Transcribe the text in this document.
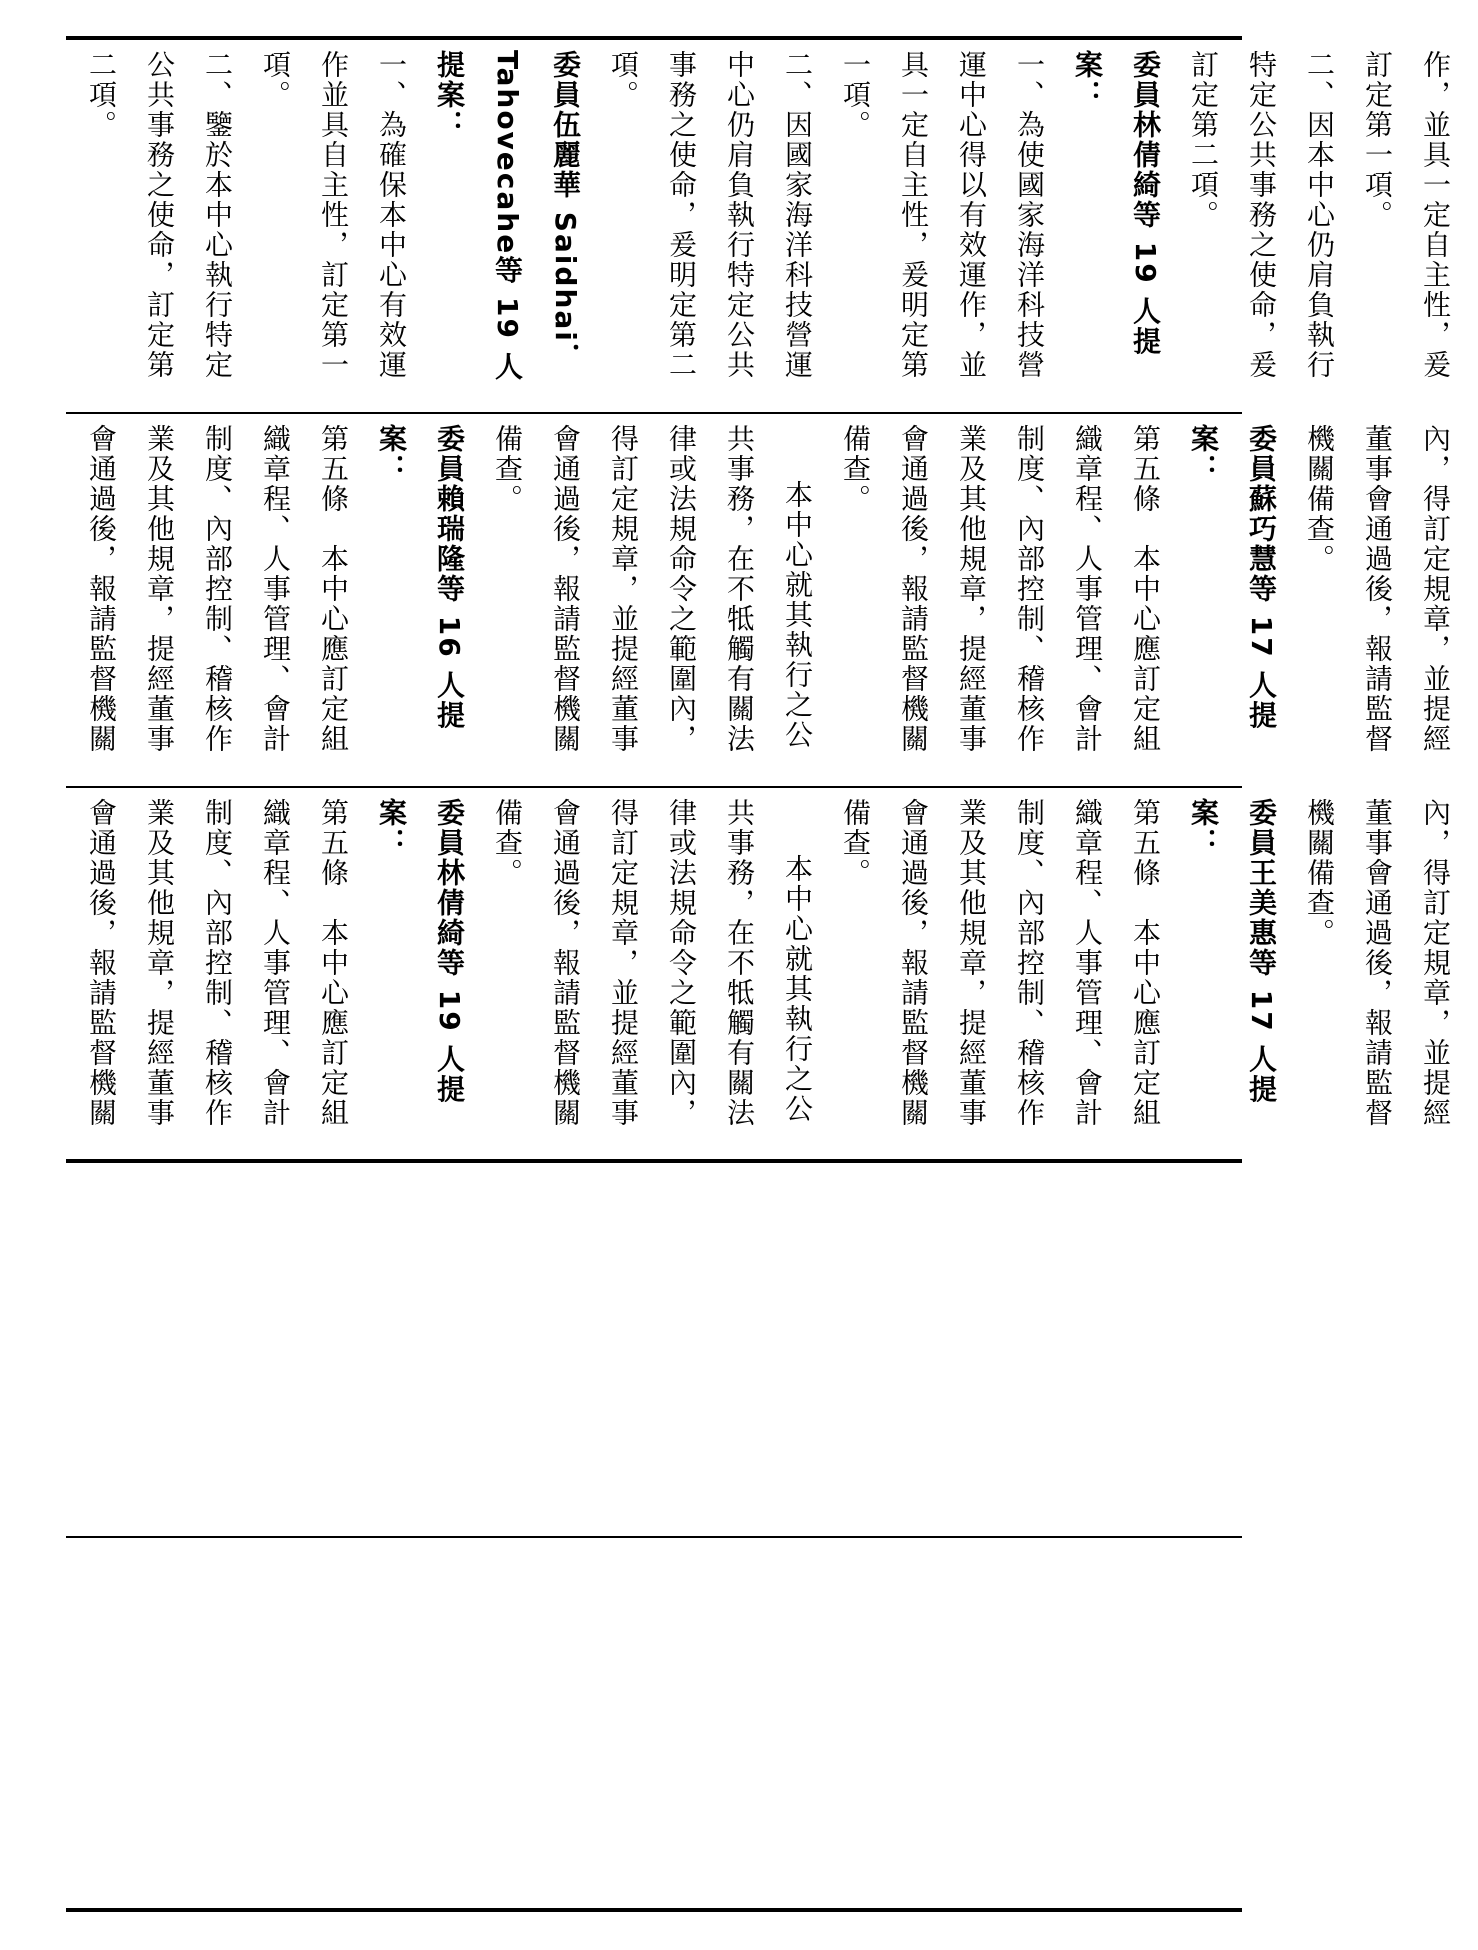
作，並具一定自主性，爰訂定第一項。
二、因本中心仍肩負執行特定公共事務之使命，爰訂定第二項。
委員林倩綺等 19 人提案：
一、為使國家海洋科技營運中心得以有效運作，並具一定自主性，爰明定第一項。
二、因國家海洋科技營運中心仍肩負執行特定公共事務之使命，爰明定第二項。
委員伍麗華 Saidhai．Tahovecahe等 19 人提案：
一、為確保本中心有效運作並具自主性，訂定第一項。
二、鑒於本中心執行特定公共事務之使命，訂定第二項。
內，得訂定規章，並提經董事會通過後，報請監督機關備查。
委員蘇巧慧等 17 人提案：
第五條　本中心應訂定組織章程、人事管理、會計制度、內部控制、稽核作業及其他規章，提經董事會通過後，報請監督機關備查。
本中心就其執行之公共事務，在不牴觸有關法律或法規命令之範圍內，得訂定規章，並提經董事會通過後，報請監督機關備查。
委員賴瑞隆等 16 人提案：
第五條　本中心應訂定組織章程、人事管理、會計制度、內部控制、稽核作業及其他規章，提經董事會通過後，報請監督機關
內，得訂定規章，並提經董事會通過後，報請監督機關備查。
委員王美惠等 17 人提案：
第五條　本中心應訂定組織章程、人事管理、會計制度、內部控制、稽核作業及其他規章，提經董事會通過後，報請監督機關備查。
本中心就其執行之公共事務，在不牴觸有關法律或法規命令之範圍內，得訂定規章，並提經董事會通過後，報請監督機關備查。
委員林倩綺等 19 人提案：
第五條　本中心應訂定組織章程、人事管理、會計制度、內部控制、稽核作業及其他規章，提經董事會通過後，報請監督機關
